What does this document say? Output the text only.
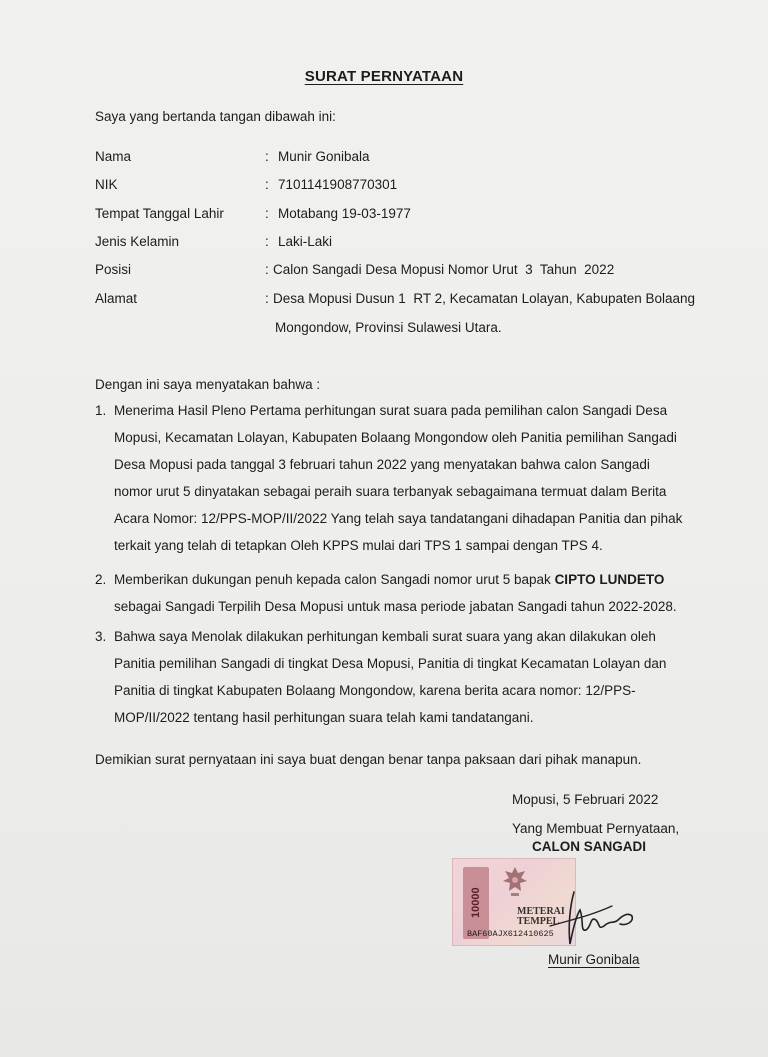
SURAT PERNYATAAN
Saya yang bertanda tangan dibawah ini:
Nama	: Munir Gonibala
NIK	: 7101141908770301
Tempat Tanggal Lahir	: Motabang 19-03-1977
Jenis Kelamin	: Laki-Laki
Posisi	: Calon Sangadi Desa Mopusi Nomor Urut  3  Tahun  2022
Alamat	: Desa Mopusi Dusun 1  RT 2, Kecamatan Lolayan, Kabupaten Bolaang
Mongondow, Provinsi Sulawesi Utara.
Dengan ini saya menyatakan bahwa :
1. Menerima Hasil Pleno Pertama perhitungan surat suara pada pemilihan calon Sangadi Desa
Mopusi, Kecamatan Lolayan, Kabupaten Bolaang Mongondow oleh Panitia pemilihan Sangadi
Desa Mopusi pada tanggal 3 februari tahun 2022 yang menyatakan bahwa calon Sangadi
nomor urut 5 dinyatakan sebagai peraih suara terbanyak sebagaimana termuat dalam Berita
Acara Nomor: 12/PPS-MOP/II/2022 Yang telah saya tandatangani dihadapan Panitia dan pihak
terkait yang telah di tetapkan Oleh KPPS mulai dari TPS 1 sampai dengan TPS 4.
2. Memberikan dukungan penuh kepada calon Sangadi nomor urut 5 bapak CIPTO LUNDETO
sebagai Sangadi Terpilih Desa Mopusi untuk masa periode jabatan Sangadi tahun 2022-2028.
3. Bahwa saya Menolak dilakukan perhitungan kembali surat suara yang akan dilakukan oleh
Panitia pemilihan Sangadi di tingkat Desa Mopusi, Panitia di tingkat Kecamatan Lolayan dan
Panitia di tingkat Kabupaten Bolaang Mongondow, karena berita acara nomor: 12/PPS-
MOP/II/2022 tentang hasil perhitungan suara telah kami tandatangani.
Demikian surat pernyataan ini saya buat dengan benar tanpa paksaan dari pihak manapun.
Mopusi, 5 Februari 2022
Yang Membuat Pernyataan,
CALON SANGADI
10000	METERAI
TEMPEL
BAF60AJX612410625
Munir Gonibala
